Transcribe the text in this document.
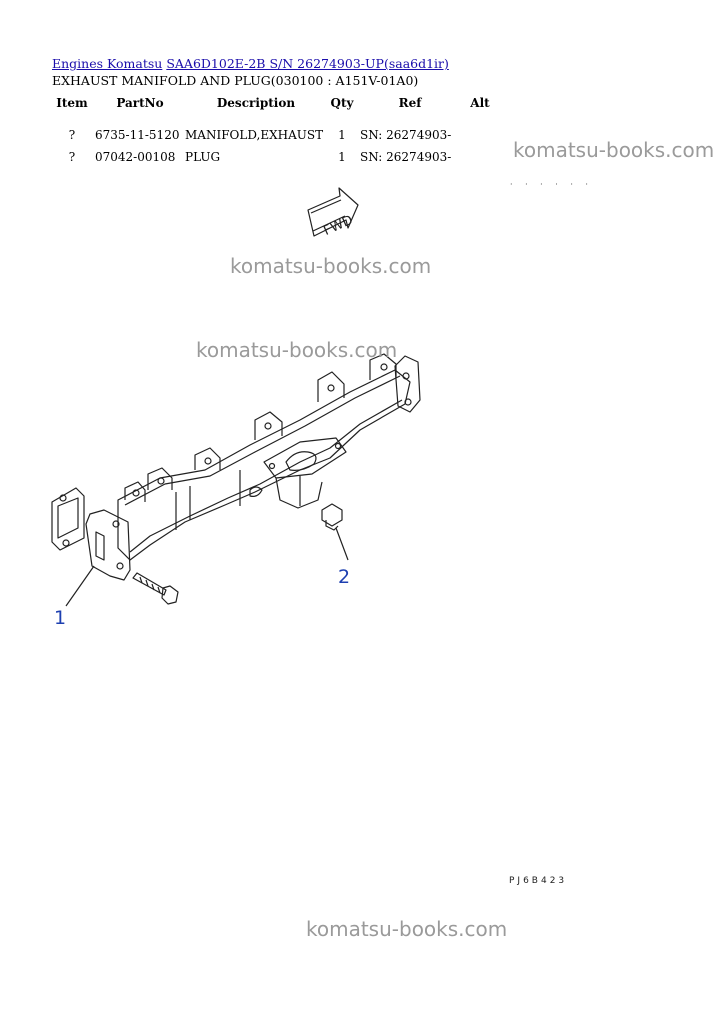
Engines Komatsu SAA6D102E-2B S/N 26274903-UP(saa6d1ir)
EXHAUST MANIFOLD AND PLUG(030100 : A151V-01A0)
Item	PartNo	Description	Qty	Ref	Alt
?	6735-11-5120	MANIFOLD,EXHAUST	1	SN: 26274903-	
?	07042-00108	PLUG	1	SN: 26274903-	
· · · · · ·
FWD
1
2
PJ6B423
komatsu-books.com
komatsu-books.com
komatsu-books.com
komatsu-books.com
